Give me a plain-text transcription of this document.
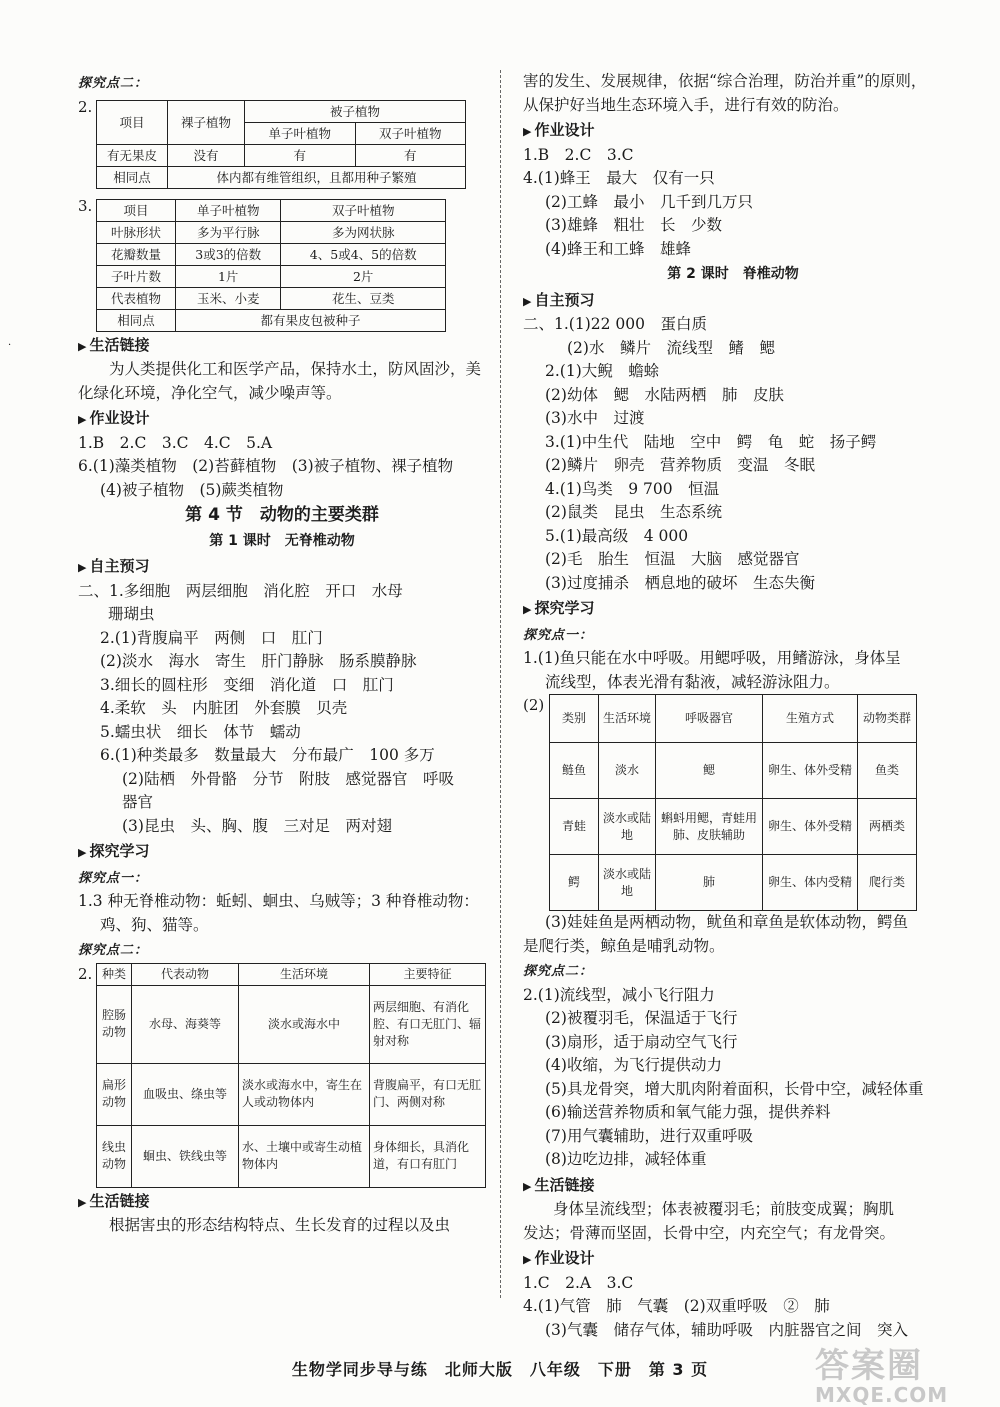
·
探究点二：
2.
项目	裸子植物	被子植物	
		单子叶植物	双子叶植物
有无果皮	没有	有	有
相同点	体内都有维管组织，且都用种子繁殖		
3. 项目	单子叶植物	双子叶植物
叶脉形状	多为平行脉	多为网状脉
花瓣数量	3或3的倍数	4、5或4、5的倍数
子叶片数	1片	2片
代表植物	玉米、小麦	花生、豆类
相同点	都有果皮包被种子	
▶ 生活链接
为人类提供化工和医学产品，保持水土，防风固沙，美化绿化环境，净化空气，减少噪声等。
▶ 作业设计
1.B　2.C　3.C　4.C　5.A
6.(1)藻类植物　(2)苔藓植物　(3)被子植物、裸子植物
(4)被子植物　(5)蕨类植物
第 4 节　动物的主要类群
第 1 课时　无脊椎动物
▶ 自主预习
二、1.多细胞　两层细胞　消化腔　开口　水母
珊瑚虫
2.(1)背腹扁平　两侧　口　肛门
(2)淡水　海水　寄生　肝门静脉　肠系膜静脉
3.细长的圆柱形　变细　消化道　口　肛门
4.柔软　头　内脏团　外套膜　贝壳
5.蠕虫状　细长　体节　蠕动
6.(1)种类最多　数量最大　分布最广　100 多万
(2)陆栖　外骨骼　分节　附肢　感觉器官　呼吸
器官
(3)昆虫　头、胸、腹　三对足　两对翅
▶ 探究学习
探究点一：
1.3 种无脊椎动物：蚯蚓、蛔虫、乌贼等；3 种脊椎动物：
鸡、狗、猫等。
探究点二：
2. 种类	代表动物	生活环境	主要特征
腔肠动物	水母、海葵等	淡水或海水中	两层细胞、有消化腔、有口无肛门、辐射对称
扁形动物	血吸虫、绦虫等	淡水或海水中，寄生在人或动物体内	背腹扁平，有口无肛门、两侧对称
线虫动物	蛔虫、铁线虫等	水、土壤中或寄生动植物体内	身体细长，具消化道，有口有肛门
▶ 生活链接
根据害虫的形态结构特点、生长发育的过程以及虫
害的发生、发展规律，依据“综合治理，防治并重”的原则，
从保护好当地生态环境入手，进行有效的防治。
▶ 作业设计
1.B　2.C　3.C
4.(1)蜂王　最大　仅有一只
(2)工蜂　最小　几千到几万只
(3)雄蜂　粗壮　长　少数
(4)蜂王和工蜂　雄蜂
第 2 课时　脊椎动物
▶ 自主预习
二、1.(1)22 000　蛋白质
(2)水　鳞片　流线型　鳍　鳃
2.(1)大鲵　蟾蜍
(2)幼体　鳃　水陆两栖　肺　皮肤
(3)水中　过渡
3.(1)中生代　陆地　空中　鳄　龟　蛇　扬子鳄
(2)鳞片　卵壳　营养物质　变温　冬眠
4.(1)鸟类　9 700　恒温
(2)鼠类　昆虫　生态系统
5.(1)最高级　4 000
(2)毛　胎生　恒温　大脑　感觉器官
(3)过度捕杀　栖息地的破坏　生态失衡
▶ 探究学习
探究点一：
1.(1)鱼只能在水中呼吸。用鳃呼吸，用鳍游泳，身体呈
流线型，体表光滑有黏液，减轻游泳阻力。
(2)
类别	生活环境	呼吸器官	生殖方式	动物类群
鲢鱼	淡水	鳃	卵生、体外受精	鱼类
青蛙	淡水或陆地	蝌蚪用鳃，青蛙用肺、皮肤辅助	卵生、体外受精	两栖类
鳄	淡水或陆地	肺	卵生、体内受精	爬行类
(3)娃娃鱼是两栖动物，鱿鱼和章鱼是软体动物，鳄鱼
是爬行类，鲸鱼是哺乳动物。
探究点二：
2.(1)流线型，减小飞行阻力
(2)被覆羽毛，保温适于飞行
(3)扇形，适于扇动空气飞行
(4)收缩，为飞行提供动力
(5)具龙骨突，增大肌肉附着面积，长骨中空，减轻体重
(6)输送营养物质和氧气能力强，提供养料
(7)用气囊辅助，进行双重呼吸
(8)边吃边排，减轻体重
▶ 生活链接
身体呈流线型；体表被覆羽毛；前肢变成翼；胸肌
发达；骨薄而坚固，长骨中空，内充空气；有龙骨突。
▶ 作业设计
1.C　2.A　3.C
4.(1)气管　肺　气囊　(2)双重呼吸　②　肺
(3)气囊　储存气体，辅助呼吸　内脏器官之间　突入
生物学同步导与练　北师大版　八年级　下册　第 3 页	答案圈
MXQE.COM
